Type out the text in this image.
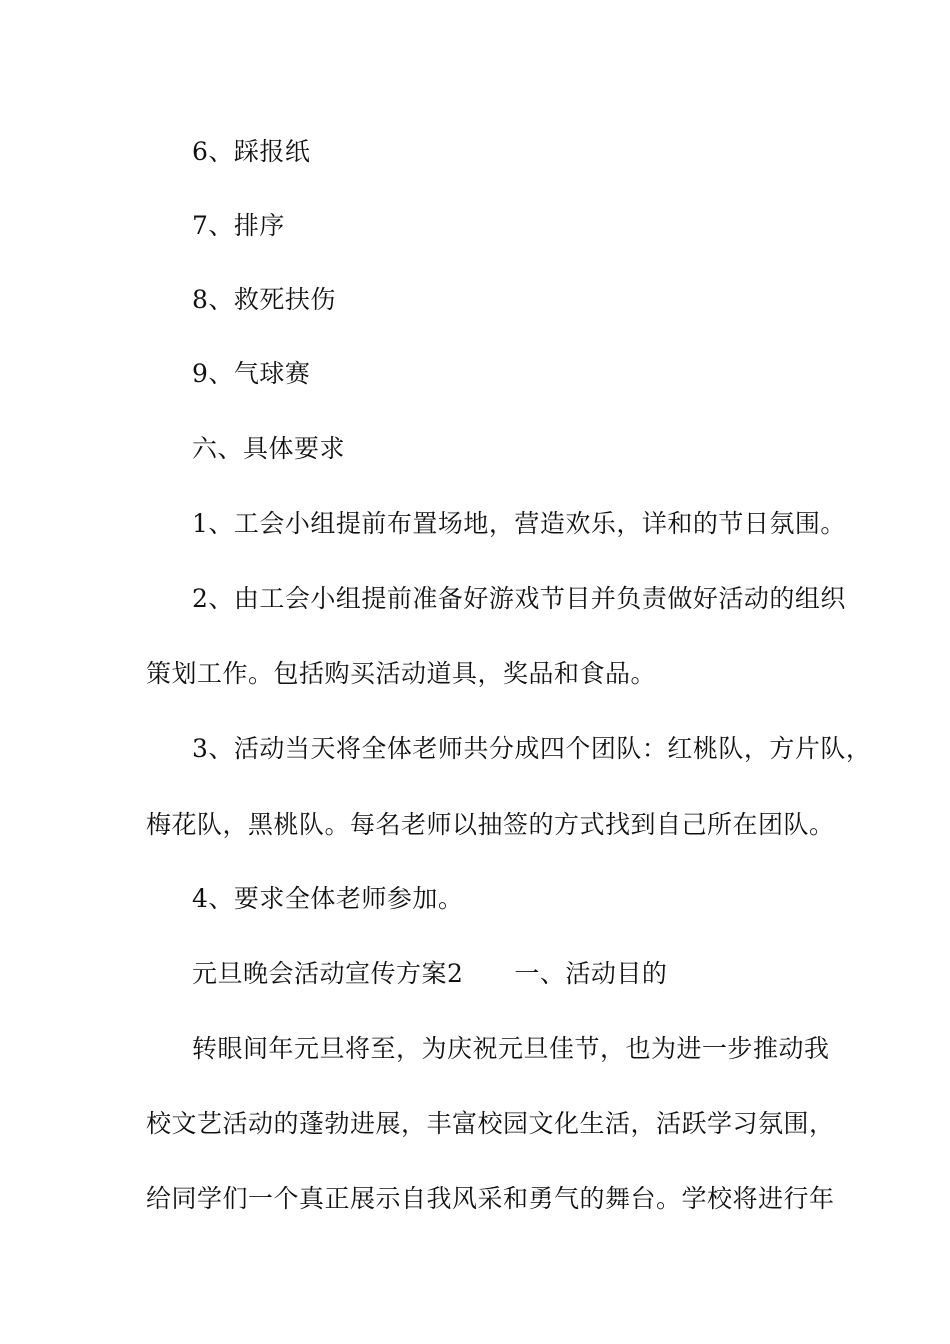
6、踩报纸
7、排序
8、救死扶伤
9、气球赛
六、具体要求
1、工会小组提前布置场地，营造欢乐，详和的节日氛围。
2、由工会小组提前准备好游戏节目并负责做好活动的组织
策划工作。包括购买活动道具，奖品和食品。
3、活动当天将全体老师共分成四个团队：红桃队，方片队，
梅花队，黑桃队。每名老师以抽签的方式找到自己所在团队。
4、要求全体老师参加。
元旦晚会活动宣传方案2　　一、活动目的
转眼间年元旦将至，为庆祝元旦佳节，也为进一步推动我
校文艺活动的蓬勃进展，丰富校园文化生活，活跃学习氛围，
给同学们一个真正展示自我风采和勇气的舞台。学校将进行年
